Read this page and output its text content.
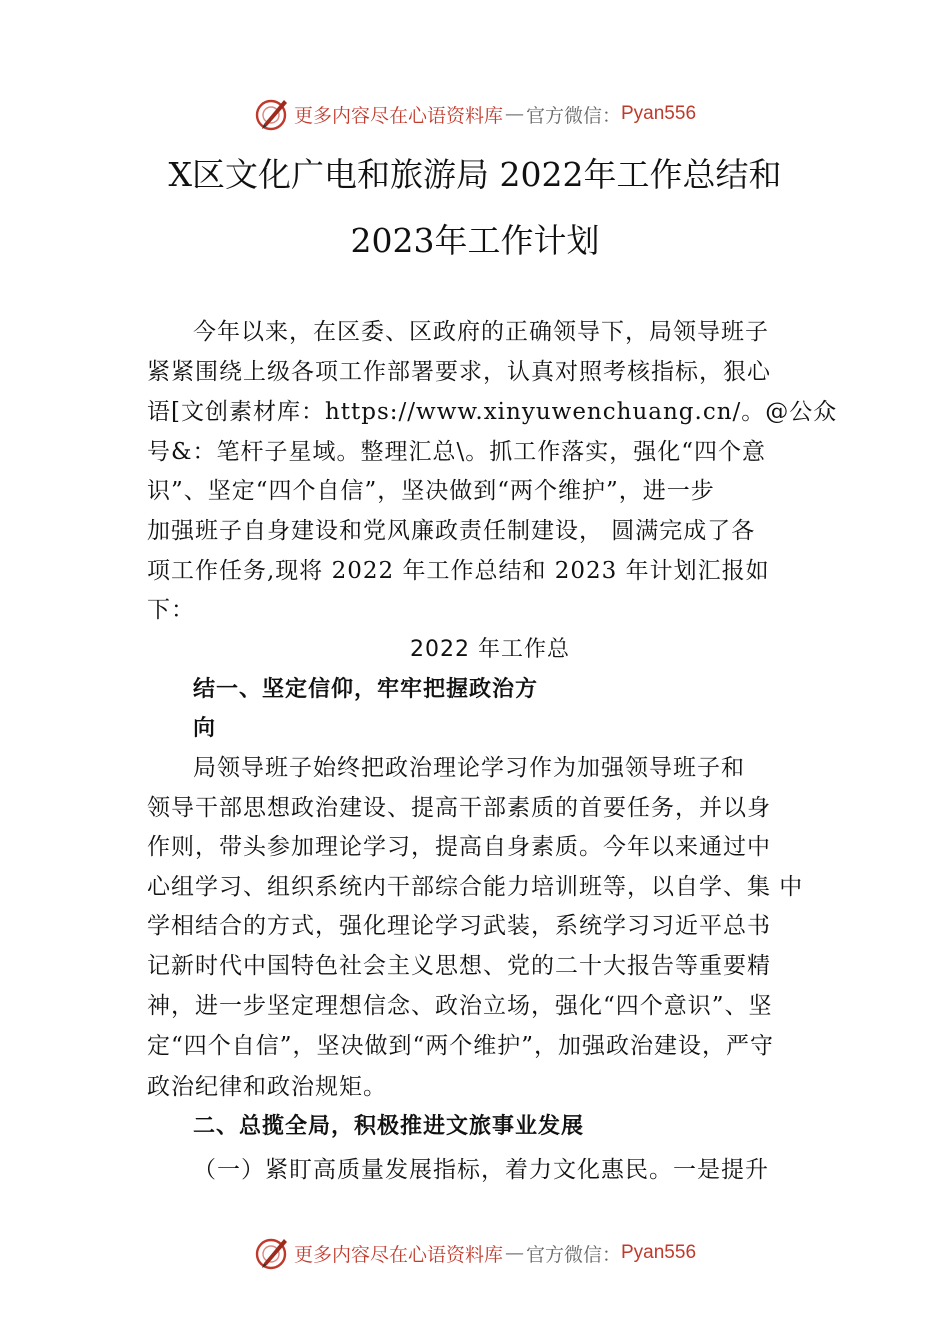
更多内容尽在心语资料库 — 官方微信： Pyan556
X区文化广电和旅游局 2022年工作总结和
2023年工作计划
今年以来，在区委、区政府的正确领导下，局领导班子
紧紧围绕上级各项工作部署要求，认真对照考核指标，狠心
语[文创素材库：https://www.xinyuwenchuang.cn/。@公众
号&：笔杆子星域。整理汇总\。抓工作落实，强化“四个意
识”、坚定“四个自信”，坚决做到“两个维护”，进一步
加强班子自身建设和党风廉政责任制建设， 圆满完成了各
项工作任务,现将 2022 年工作总结和 2023 年计划汇报如
下：
2022 年工作总
结一、坚定信仰，牢牢把握政治方
向
局领导班子始终把政治理论学习作为加强领导班子和
领导干部思想政治建设、提高干部素质的首要任务，并以身
作则，带头参加理论学习，提高自身素质。今年以来通过中
心组学习、组织系统内干部综合能力培训班等，以自学、集 中
学相结合的方式，强化理论学习武装，系统学习习近平总书
记新时代中国特色社会主义思想、党的二十大报告等重要精
神，进一步坚定理想信念、政治立场，强化“四个意识”、坚
定“四个自信”，坚决做到“两个维护”，加强政治建设，严守
政治纪律和政治规矩。
二、总揽全局，积极推进文旅事业发展
（一）紧盯高质量发展指标，着力文化惠民。一是提升
更多内容尽在心语资料库 — 官方微信： Pyan556
